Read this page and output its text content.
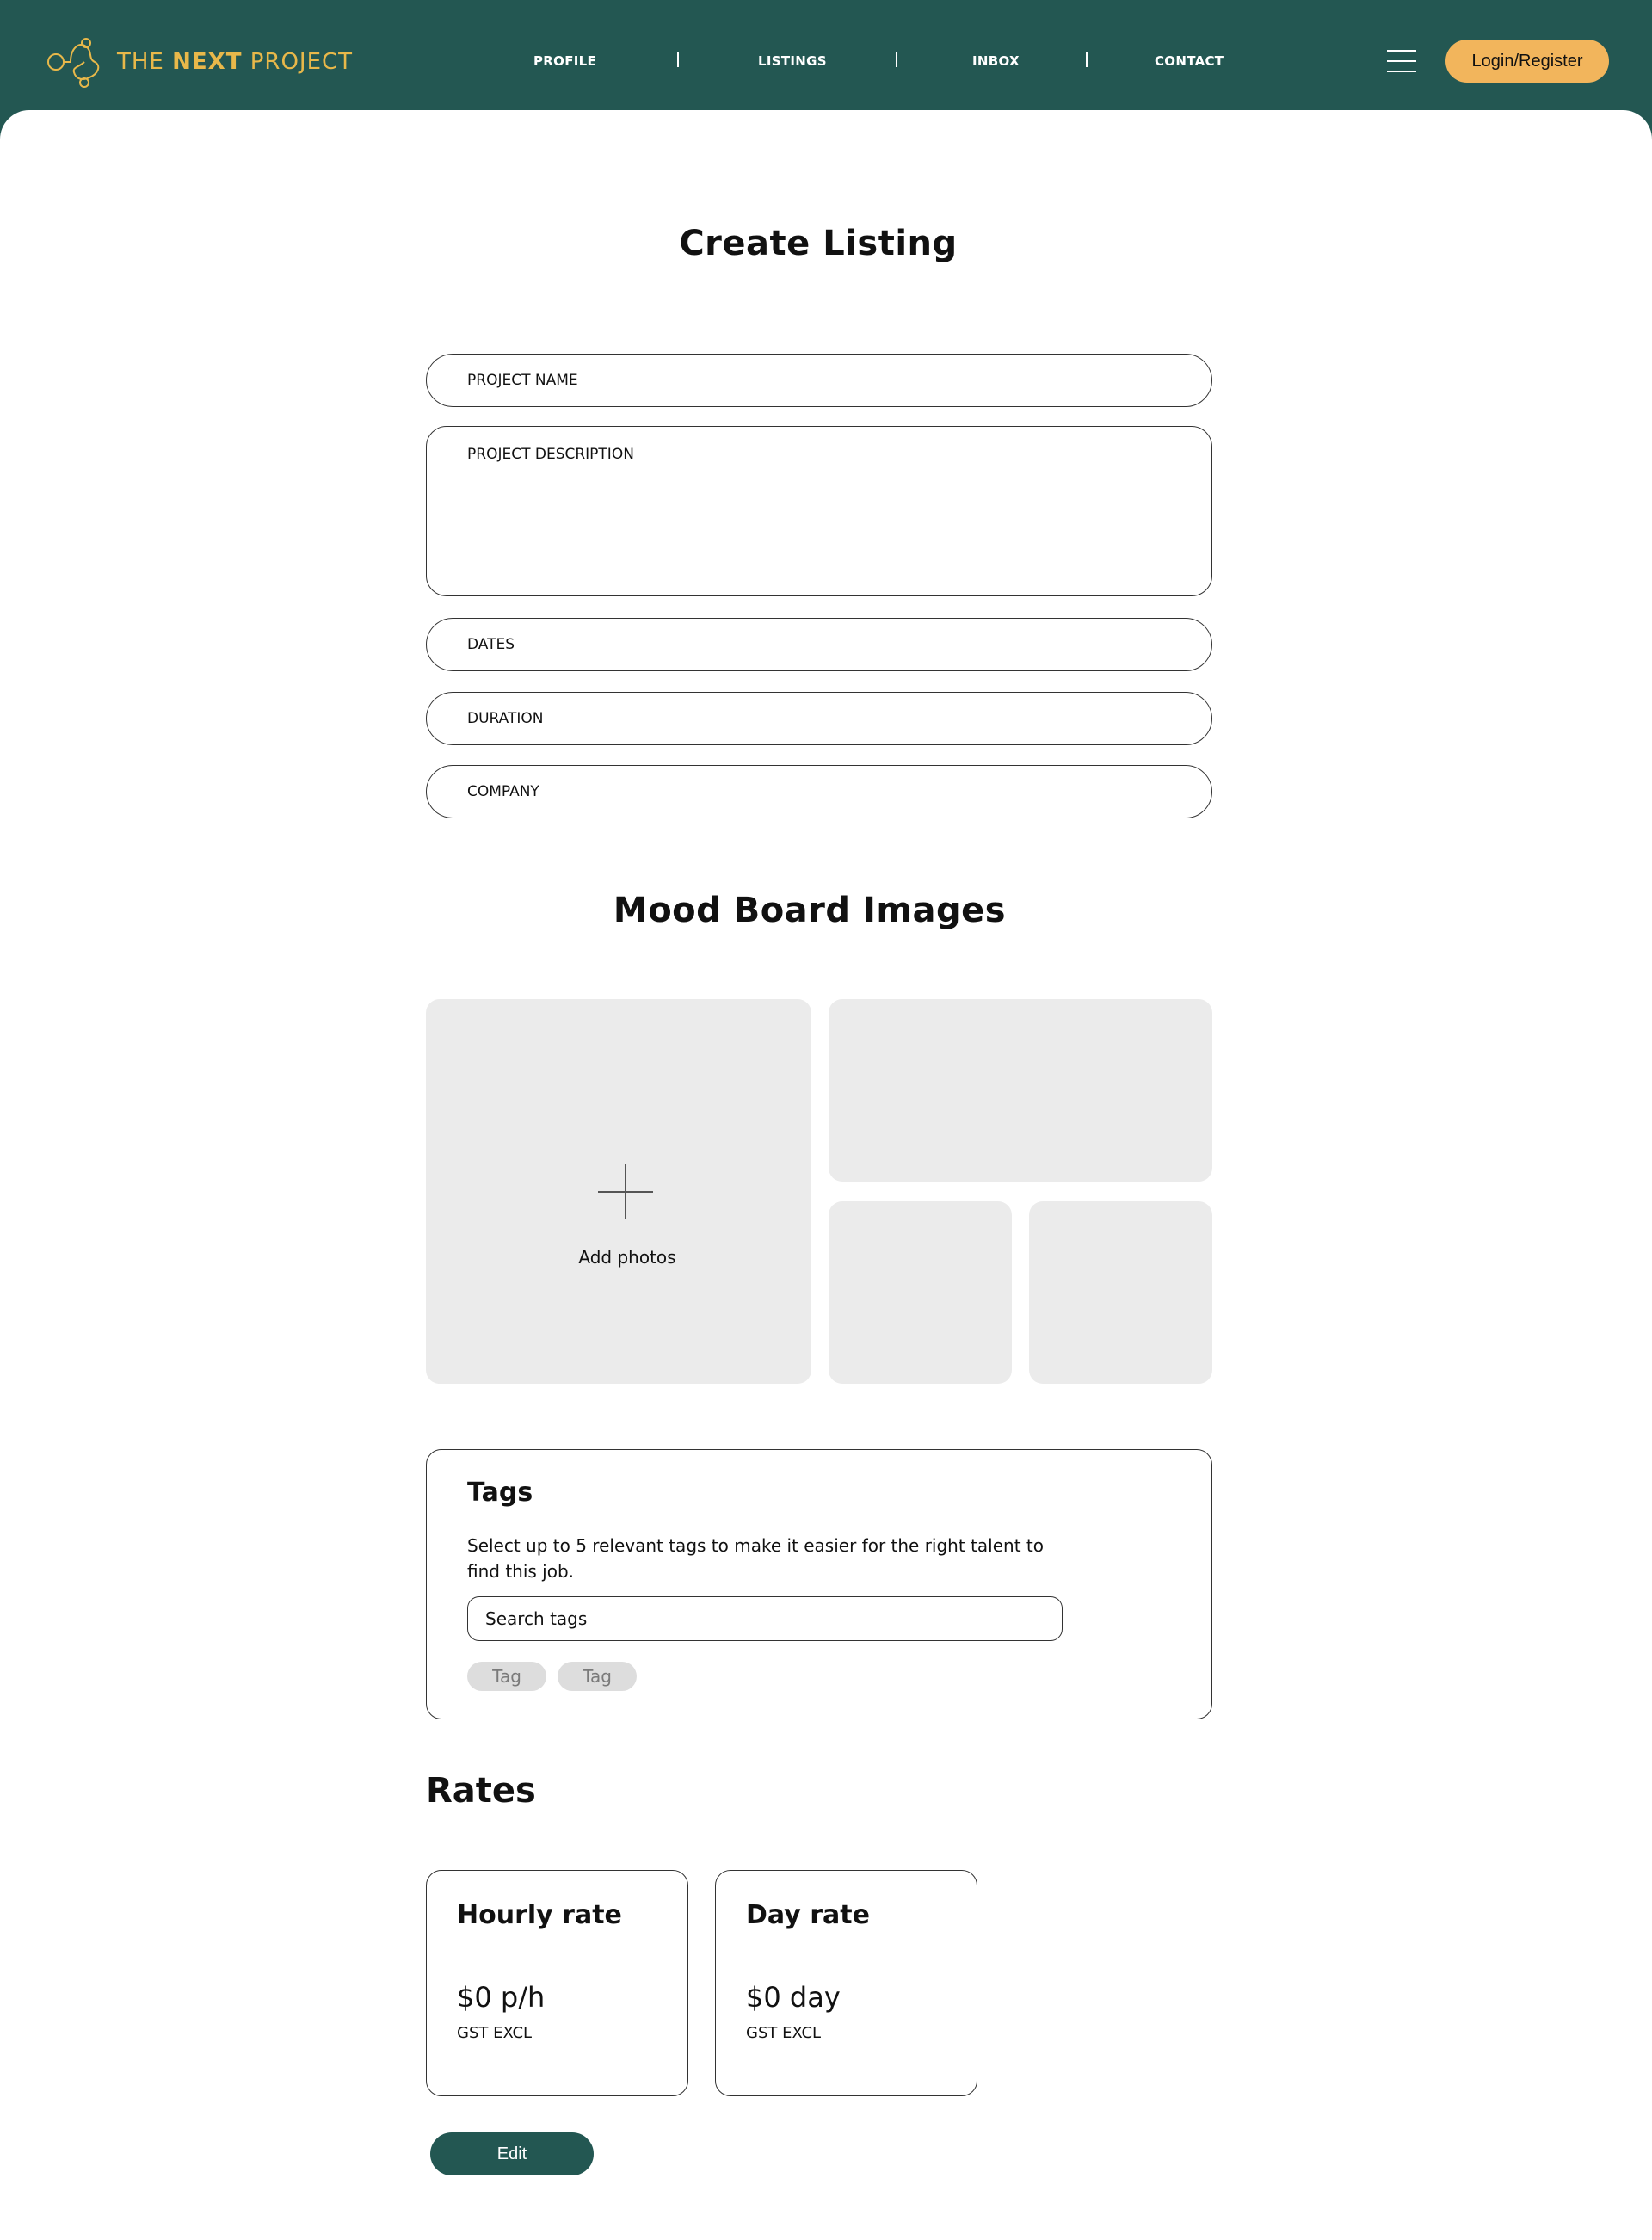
THE NEXT PROJECT	PROFILE	LISTINGS	INBOX	CONTACT	Login/Register
Create Listing
PROJECT NAME
PROJECT DESCRIPTION
DATES
DURATION
COMPANY
Mood Board Images
Add photos
Tags
Select up to 5 relevant tags to make it easier for the right talent to find this job.
Search tags
Tag	Tag
Rates
Hourly rate
$0 p/h
GST EXCL
Day rate
$0 day
GST EXCL
Edit
